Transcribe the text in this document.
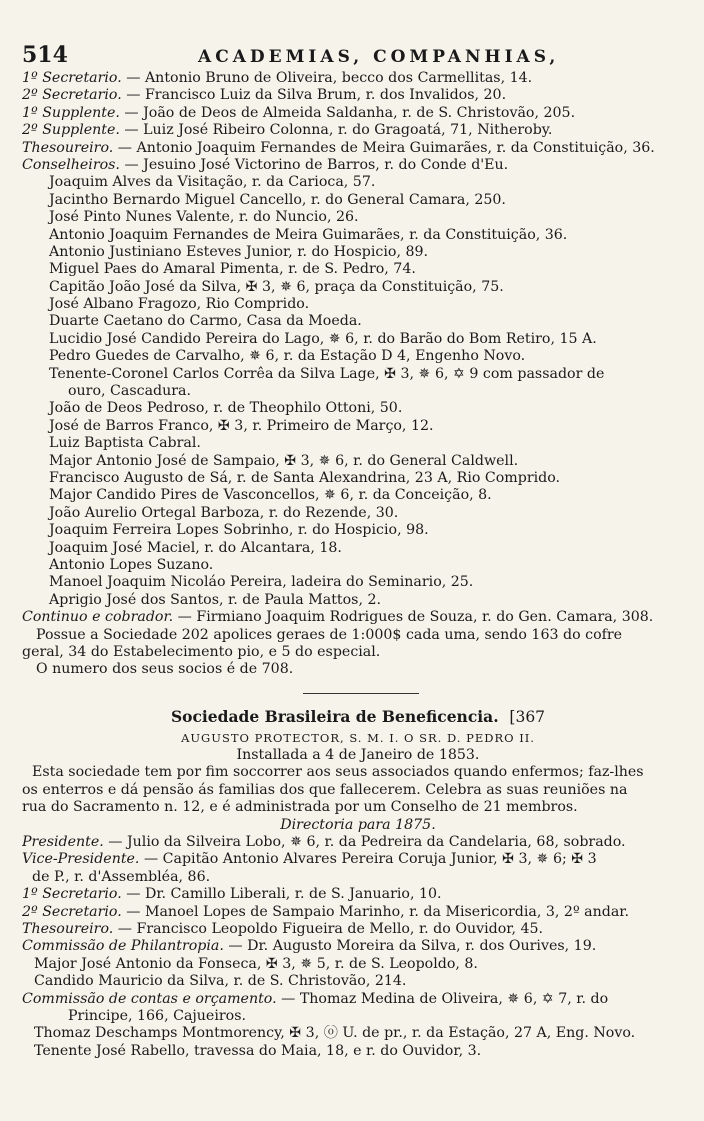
514	ACADEMIAS, COMPANHIAS,
1º Secretario. — Antonio Bruno de Oliveira, becco dos Carmellitas, 14.
2º Secretario. — Francisco Luiz da Silva Brum, r. dos Invalidos, 20.
1º Supplente. — João de Deos de Almeida Saldanha, r. de S. Christovão, 205.
2º Supplente. — Luiz José Ribeiro Colonna, r. do Gragoatá, 71, Nitheroby.
Thesoureiro. — Antonio Joaquim Fernandes de Meira Guimarães, r. da Constituição, 36.
Conselheiros. — Jesuino José Victorino de Barros, r. do Conde d'Eu.
Joaquim Alves da Visitação, r. da Carioca, 57.
Jacintho Bernardo Miguel Cancello, r. do General Camara, 250.
José Pinto Nunes Valente, r. do Nuncio, 26.
Antonio Joaquim Fernandes de Meira Guimarães, r. da Constituição, 36.
Antonio Justiniano Esteves Junior, r. do Hospicio, 89.
Miguel Paes do Amaral Pimenta, r. de S. Pedro, 74.
Capitão João José da Silva, ✠ 3, ✵ 6, praça da Constituição, 75.
José Albano Fragozo, Rio Comprido.
Duarte Caetano do Carmo, Casa da Moeda.
Lucidio José Candido Pereira do Lago, ✵ 6, r. do Barão do Bom Retiro, 15 A.
Pedro Guedes de Carvalho, ✵ 6, r. da Estação D 4, Engenho Novo.
Tenente-Coronel Carlos Corrêa da Silva Lage, ✠ 3, ✵ 6, ✡ 9 com passador de
ouro, Cascadura.
João de Deos Pedroso, r. de Theophilo Ottoni, 50.
José de Barros Franco, ✠ 3, r. Primeiro de Março, 12.
Luiz Baptista Cabral.
Major Antonio José de Sampaio, ✠ 3, ✵ 6, r. do General Caldwell.
Francisco Augusto de Sá, r. de Santa Alexandrina, 23 A, Rio Comprido.
Major Candido Pires de Vasconcellos, ✵ 6, r. da Conceição, 8.
João Aurelio Ortegal Barboza, r. do Rezende, 30.
Joaquim Ferreira Lopes Sobrinho, r. do Hospicio, 98.
Joaquim José Maciel, r. do Alcantara, 18.
Antonio Lopes Suzano.
Manoel Joaquim Nicoláo Pereira, ladeira do Seminario, 25.
Aprigio José dos Santos, r. de Paula Mattos, 2.
Continuo e cobrador. — Firmiano Joaquim Rodrigues de Souza, r. do Gen. Camara, 308.
Possue a Sociedade 202 apolices geraes de 1:000$ cada uma, sendo 163 do cofre
geral, 34 do Estabelecimento pio, e 5 do especial.
O numero dos seus socios é de 708.
Sociedade Brasileira de Beneficencia. [367
AUGUSTO PROTECTOR, S. M. I. O SR. D. PEDRO II.
Installada a 4 de Janeiro de 1853.
Esta sociedade tem por fim soccorrer aos seus associados quando enfermos; faz-lhes
os enterros e dá pensão ás familias dos que fallecerem. Celebra as suas reuniões na
rua do Sacramento n. 12, e é administrada por um Conselho de 21 membros.
Directoria para 1875.
Presidente. — Julio da Silveira Lobo, ✵ 6, r. da Pedreira da Candelaria, 68, sobrado.
Vice-Presidente. — Capitão Antonio Alvares Pereira Coruja Junior, ✠ 3, ✵ 6; ✠ 3
de P., r. d'Assembléa, 86.
1º Secretario. — Dr. Camillo Liberali, r. de S. Januario, 10.
2º Secretario. — Manoel Lopes de Sampaio Marinho, r. da Misericordia, 3, 2º andar.
Thesoureiro. — Francisco Leopoldo Figueira de Mello, r. do Ouvidor, 45.
Commissão de Philantropia. — Dr. Augusto Moreira da Silva, r. dos Ourives, 19.
Major José Antonio da Fonseca, ✠ 3, ✵ 5, r. de S. Leopoldo, 8.
Candido Mauricio da Silva, r. de S. Christovão, 214.
Commissão de contas e orçamento. — Thomaz Medina de Oliveira, ✵ 6, ✡ 7, r. do
Principe, 166, Cajueiros.
Thomaz Deschamps Montmorency, ✠ 3, ⓞ U. de pr., r. da Estação, 27 A, Eng. Novo.
Tenente José Rabello, travessa do Maia, 18, e r. do Ouvidor, 3.
